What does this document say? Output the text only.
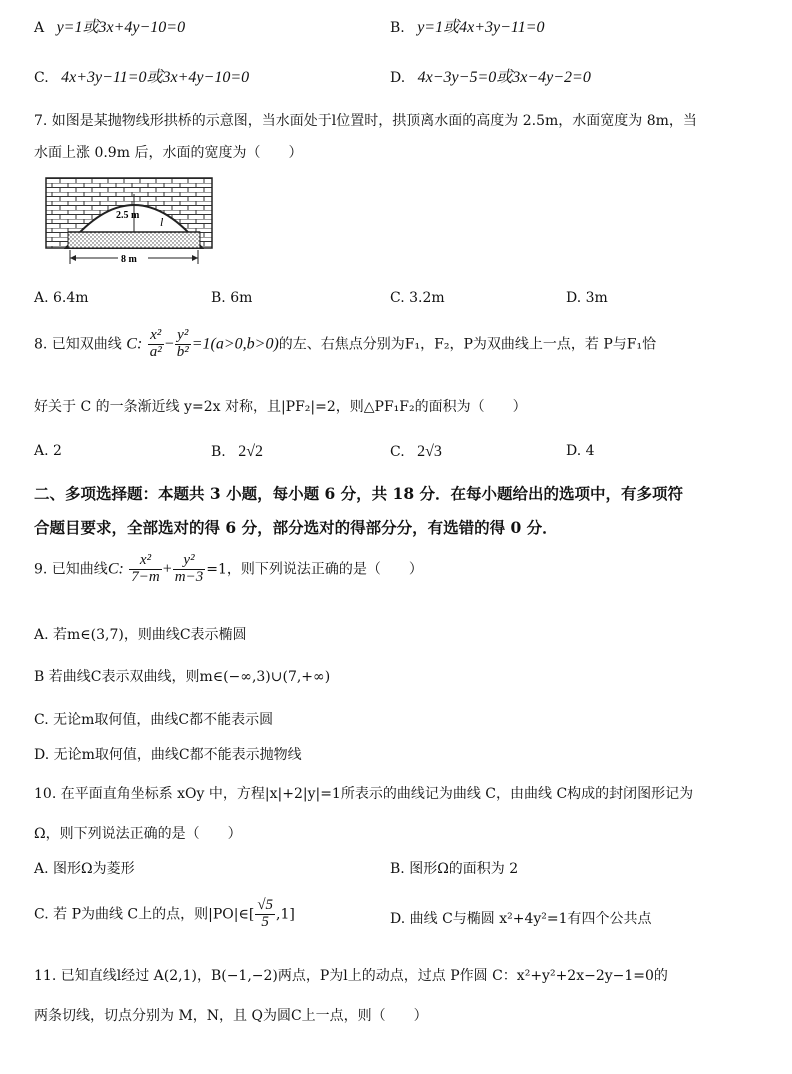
A y=1或3x+4y−10=0	B. y=1或4x+3y−11=0
C. 4x+3y−11=0或3x+4y−10=0	D. 4x−3y−5=0或3x−4y−2=0
7. 如图是某抛物线形拱桥的示意图，当水面处于l位置时，拱顶离水面的高度为 2.5m，水面宽度为 8m，当
水面上涨 0.9m 后，水面的宽度为（　　）
2.5 m l
8 m
A. 6.4m	B. 6m	C. 3.2m	D. 3m
8. 已知双曲线 C: $\frac{\text{x²}}{\text{a²}} - \frac{\text{y²}}{\text{b²}} =1(a>0,b>0)$的左、右焦点分别为F₁，F₂，P为双曲线上一点，若 P与F₁恰
好关于 C 的一条渐近线 y=2x 对称，且|PF₂|=2，则△PF₁F₂的面积为（　　）
A. 2	B. 2√2	C. 2√3	D. 4
二、多项选择题：本题共 3 小题，每小题 6 分，共 18 分．在每小题给出的选项中，有多项符
合题目要求，全部选对的得 6 分，部分选对的得部分分，有选错的得 0 分．
9. 已知曲线C: $\frac{\text{x²}}{7-m} + \frac{\text{y²}}{m-3} =1$，则下列说法正确的是（　　）
A. 若m∈(3,7)，则曲线C表示椭圆
B 若曲线C表示双曲线，则m∈(−∞,3)∪(7,+∞)
C. 无论m取何值，曲线C都不能表示圆
D. 无论m取何值，曲线C都不能表示抛物线
10. 在平面直角坐标系 xOy 中，方程|x|+2|y|=1所表示的曲线记为曲线 C，由曲线 C构成的封闭图形记为
Ω，则下列说法正确的是（　　）
A. 图形Ω为菱形	B. 图形Ω的面积为 2
C. 若 P为曲线 C上的点，则|PO|∈[ $\frac{√5}{5} ,1$]	D. 曲线 C与椭圆 x²+4y²=1有四个公共点
11. 已知直线l经过 A(2,1)，B(−1,−2)两点，P为l上的动点，过点 P作圆 C：x²+y²+2x−2y−1=0的
两条切线，切点分别为 M，N，且 Q为圆C上一点，则（　　）
